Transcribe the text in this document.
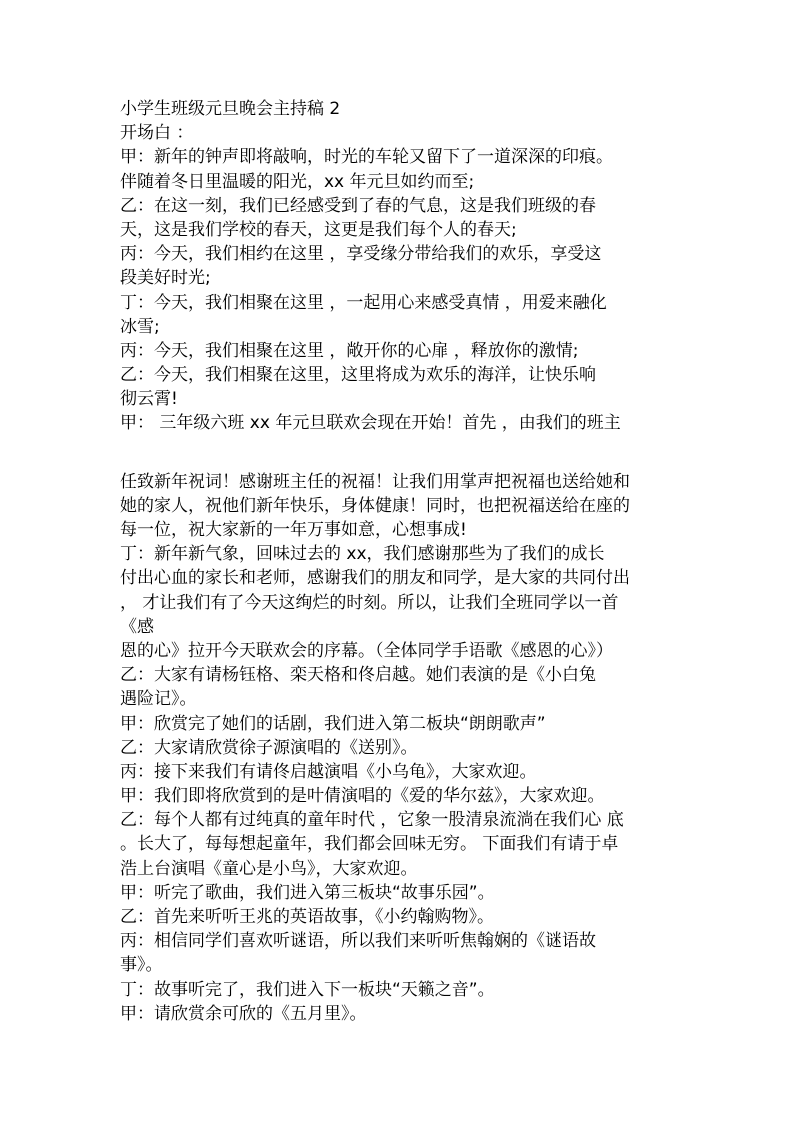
小学生班级元旦晚会主持稿 2
开场白 ：
甲：新年的钟声即将敲响，时光的车轮又留下了一道深深的印痕。
伴随着冬日里温暖的阳光，xx 年元旦如约而至;
乙：在这一刻，我们已经感受到了春的气息，这是我们班级的春
天，这是我们学校的春天，这更是我们每个人的春天;
丙：今天，我们相约在这里 ，享受缘分带给我们的欢乐，享受这
段美好时光;
丁：今天，我们相聚在这里 ，一起用心来感受真情 ，用爱来融化
冰雪;
丙：今天，我们相聚在这里 ，敞开你的心扉 ，释放你的激情;
乙：今天，我们相聚在这里，这里将成为欢乐的海洋，让快乐响
彻云霄!
甲： 三年级六班 xx 年元旦联欢会现在开始！首先 ，由我们的班主
任致新年祝词！感谢班主任的祝福！让我们用掌声把祝福也送给她和
她的家人，祝他们新年快乐，身体健康！同时，也把祝福送给在座的
每一位，祝大家新的一年万事如意，心想事成!
丁：新年新气象，回味过去的 xx，我们感谢那些为了我们的成长
付出心血的家长和老师，感谢我们的朋友和同学，是大家的共同付出
， 才让我们有了今天这绚烂的时刻。所以，让我们全班同学以一首
《感
恩的心》拉开今天联欢会的序幕。（全体同学手语歌《感恩的心》）
乙：大家有请杨钰格、栾天格和佟启越。她们表演的是《小白兔
遇险记》。
甲：欣赏完了她们的话剧，我们进入第二板块“朗朗歌声”
乙：大家请欣赏徐子源演唱的《送别》。
丙：接下来我们有请佟启越演唱《小乌龟》，大家欢迎。
甲：我们即将欣赏到的是叶倩演唱的《爱的华尔兹》，大家欢迎。
乙：每个人都有过纯真的童年时代 ，它象一股清泉流淌在我们心 底
。长大了，每每想起童年，我们都会回味无穷。 下面我们有请于卓
浩上台演唱《童心是小鸟》，大家欢迎。
甲：听完了歌曲，我们进入第三板块“故事乐园”。
乙：首先来听听王兆的英语故事，《小约翰购物》。
丙：相信同学们喜欢听谜语，所以我们来听听焦翰娴的《谜语故
事》。
丁：故事听完了，我们进入下一板块“天籁之音”。
甲：请欣赏余可欣的《五月里》。
